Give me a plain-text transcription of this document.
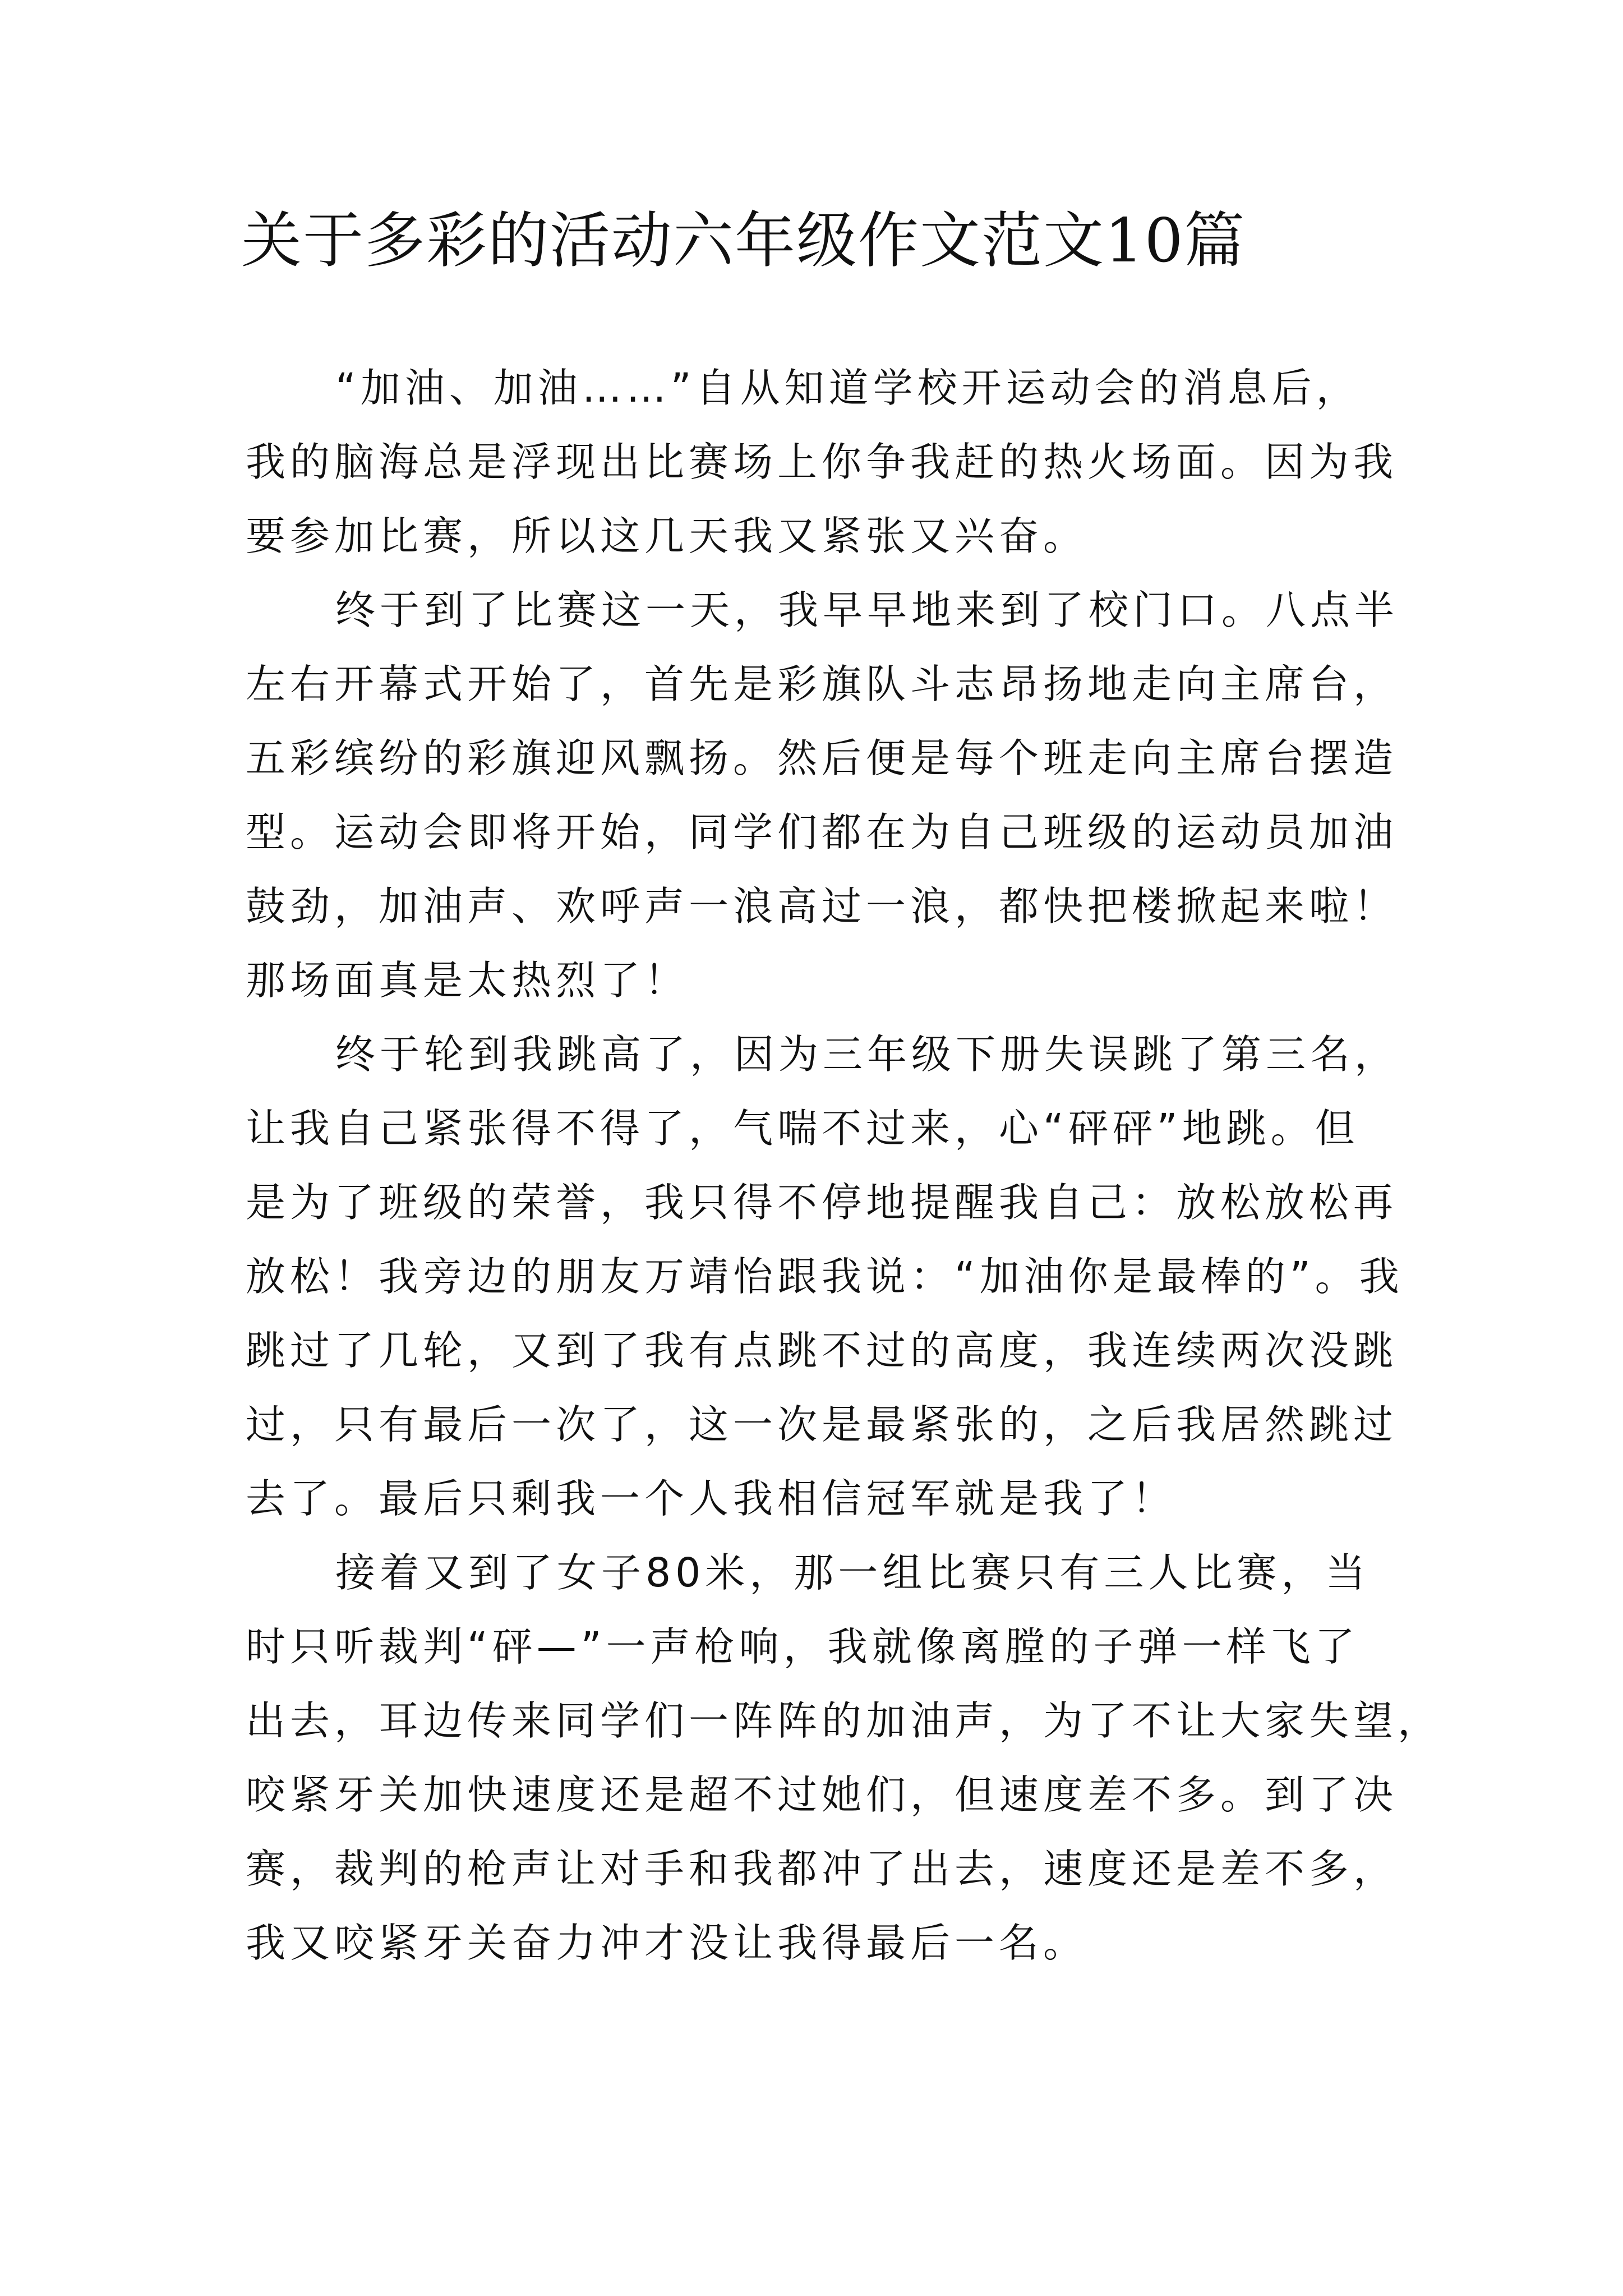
关于多彩的活动六年级作文范文10篇
“加油、加油……”自从知道学校开运动会的消息后，
我的脑海总是浮现出比赛场上你争我赶的热火场面。因为我
要参加比赛，所以这几天我又紧张又兴奋。
终于到了比赛这一天，我早早地来到了校门口。八点半
左右开幕式开始了，首先是彩旗队斗志昂扬地走向主席台，
五彩缤纷的彩旗迎风飘扬。然后便是每个班走向主席台摆造
型。运动会即将开始，同学们都在为自己班级的运动员加油
鼓劲，加油声、欢呼声一浪高过一浪，都快把楼掀起来啦！
那场面真是太热烈了！
终于轮到我跳高了，因为三年级下册失误跳了第三名，
让我自己紧张得不得了，气喘不过来，心“砰砰”地跳。但
是为了班级的荣誉，我只得不停地提醒我自己：放松放松再
放松！我旁边的朋友万靖怡跟我说：“加油你是最棒的”。我
跳过了几轮，又到了我有点跳不过的高度，我连续两次没跳
过，只有最后一次了，这一次是最紧张的，之后我居然跳过
去了。最后只剩我一个人我相信冠军就是我了！
接着又到了女子80米，那一组比赛只有三人比赛，当
时只听裁判“砰—”一声枪响，我就像离膛的子弹一样飞了
出去，耳边传来同学们一阵阵的加油声，为了不让大家失望，
咬紧牙关加快速度还是超不过她们，但速度差不多。到了决
赛，裁判的枪声让对手和我都冲了出去，速度还是差不多，
我又咬紧牙关奋力冲才没让我得最后一名。
